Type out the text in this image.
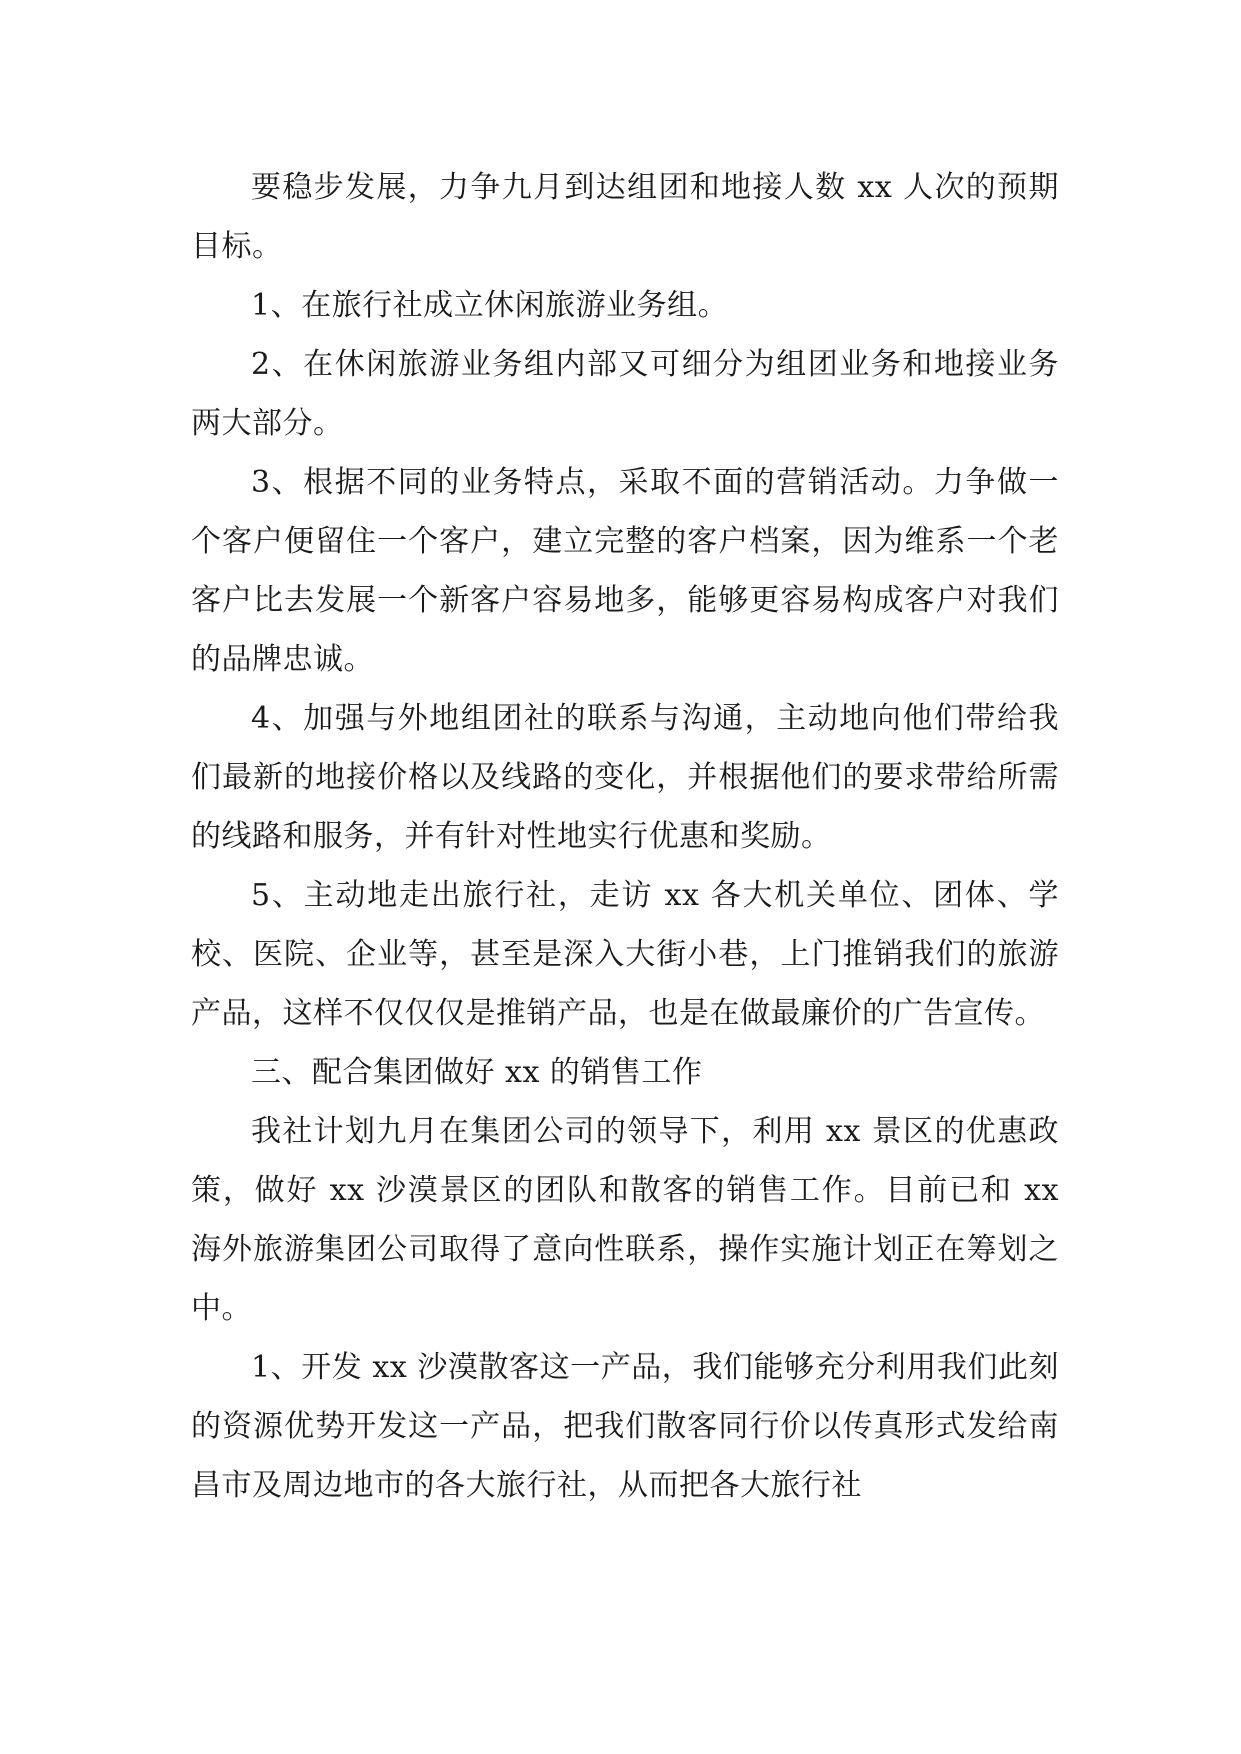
要稳步发展，力争九月到达组团和地接人数 xx 人次的预期目标。

1、在旅行社成立休闲旅游业务组。

2、在休闲旅游业务组内部又可细分为组团业务和地接业务两大部分。

3、根据不同的业务特点，采取不面的营销活动。力争做一个客户便留住一个客户，建立完整的客户档案，因为维系一个老客户比去发展一个新客户容易地多，能够更容易构成客户对我们的品牌忠诚。

4、加强与外地组团社的联系与沟通，主动地向他们带给我们最新的地接价格以及线路的变化，并根据他们的要求带给所需的线路和服务，并有针对性地实行优惠和奖励。

5、主动地走出旅行社，走访 xx 各大机关单位、团体、学校、医院、企业等，甚至是深入大街小巷，上门推销我们的旅游产品，这样不仅仅仅是推销产品，也是在做最廉价的广告宣传。

三、配合集团做好 xx 的销售工作

我社计划九月在集团公司的领导下，利用 xx 景区的优惠政策，做好 xx 沙漠景区的团队和散客的销售工作。目前已和 xx 海外旅游集团公司取得了意向性联系，操作实施计划正在筹划之中。

1、开发 xx 沙漠散客这一产品，我们能够充分利用我们此刻的资源优势开发这一产品，把我们散客同行价以传真形式发给南昌市及周边地市的各大旅行社，从而把各大旅行社
